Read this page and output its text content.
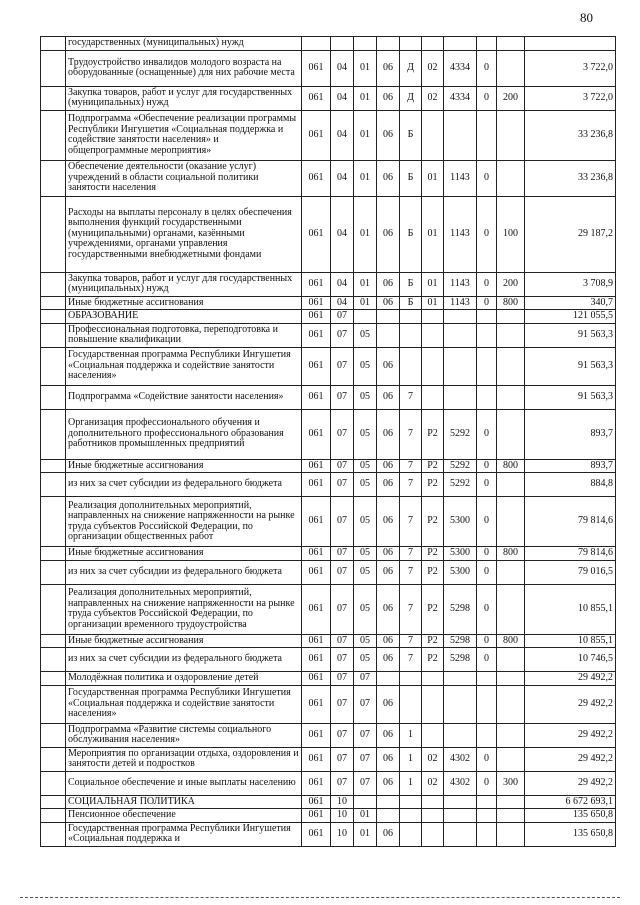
80
	государственных (муниципальных) нужд										
	Трудоустройство инвалидов молодого возраста на оборудованные (оснащенные) для них рабочие места	061	04	01	06	Д	02	4334	0		3 722,0
	Закупка товаров, работ и услуг для государственных (муниципальных) нужд	061	04	01	06	Д	02	4334	0	200	3 722,0
	Подпрограмма «Обеспечение реализации программы Республики Ингушетия «Социальная поддержка и содействие занятости населения» и общепрограммные мероприятия»	061	04	01	06	Б					33 236,8
	Обеспечение деятельности (оказание услуг) учреждений в области социальной политики занятости населения	061	04	01	06	Б	01	1143	0		33 236,8
	Расходы на выплаты персоналу в целях обеспечения выполнения функций государственными (муниципальными) органами, казёнными учреждениями, органами управления государственными внебюджетными фондами	061	04	01	06	Б	01	1143	0	100	29 187,2
	Закупка товаров, работ и услуг для государственных (муниципальных) нужд	061	04	01	06	Б	01	1143	0	200	3 708,9
	Иные бюджетные ассигнования	061	04	01	06	Б	01	1143	0	800	340,7
	ОБРАЗОВАНИЕ	061	07								121 055,5
	Профессиональная подготовка, переподготовка и повышение квалификации	061	07	05							91 563,3
	Государственная программа Республики Ингушетия «Социальная поддержка и содействие занятости населения»	061	07	05	06						91 563,3
	Подпрограмма «Содействие занятости населения»	061	07	05	06	7					91 563,3
	Организация профессионального обучения и дополнительного профессионального образования работников промышленных предприятий	061	07	05	06	7	Р2	5292	0		893,7
	Иные бюджетные ассигнования	061	07	05	06	7	Р2	5292	0	800	893,7
	из них за счет субсидии из федерального бюджета	061	07	05	06	7	Р2	5292	0		884,8
	Реализация дополнительных мероприятий, направленных на снижение напряженности на рынке труда субъектов Российской Федерации, по организации общественных работ	061	07	05	06	7	Р2	5300	0		79 814,6
	Иные бюджетные ассигнования	061	07	05	06	7	Р2	5300	0	800	79 814,6
	из них за счет субсидии из федерального бюджета	061	07	05	06	7	Р2	5300	0		79 016,5
	Реализация дополнительных мероприятий, направленных на снижение напряженности на рынке труда субъектов Российской Федерации, по организации временного трудоустройства	061	07	05	06	7	Р2	5298	0		10 855,1
	Иные бюджетные ассигнования	061	07	05	06	7	Р2	5298	0	800	10 855,1
	из них за счет субсидии из федерального бюджета	061	07	05	06	7	Р2	5298	0		10 746,5
	Молодёжная политика и оздоровление детей	061	07	07							29 492,2
	Государственная программа Республики Ингушетия «Социальная поддержка и содействие занятости населения»	061	07	07	06						29 492,2
	Подпрограмма «Развитие системы социального обслуживания населения»	061	07	07	06	1					29 492,2
	Мероприятия по организации отдыха, оздоровления и занятости детей и подростков	061	07	07	06	1	02	4302	0		29 492,2
	Социальное обеспечение и иные выплаты населению	061	07	07	06	1	02	4302	0	300	29 492,2
	СОЦИАЛЬНАЯ ПОЛИТИКА	061	10								6 672 693,1
	Пенсионное обеспечение	061	10	01							135 650,8
	Государственная программа Республики Ингушетия «Социальная поддержка и	061	10	01	06						135 650,8
